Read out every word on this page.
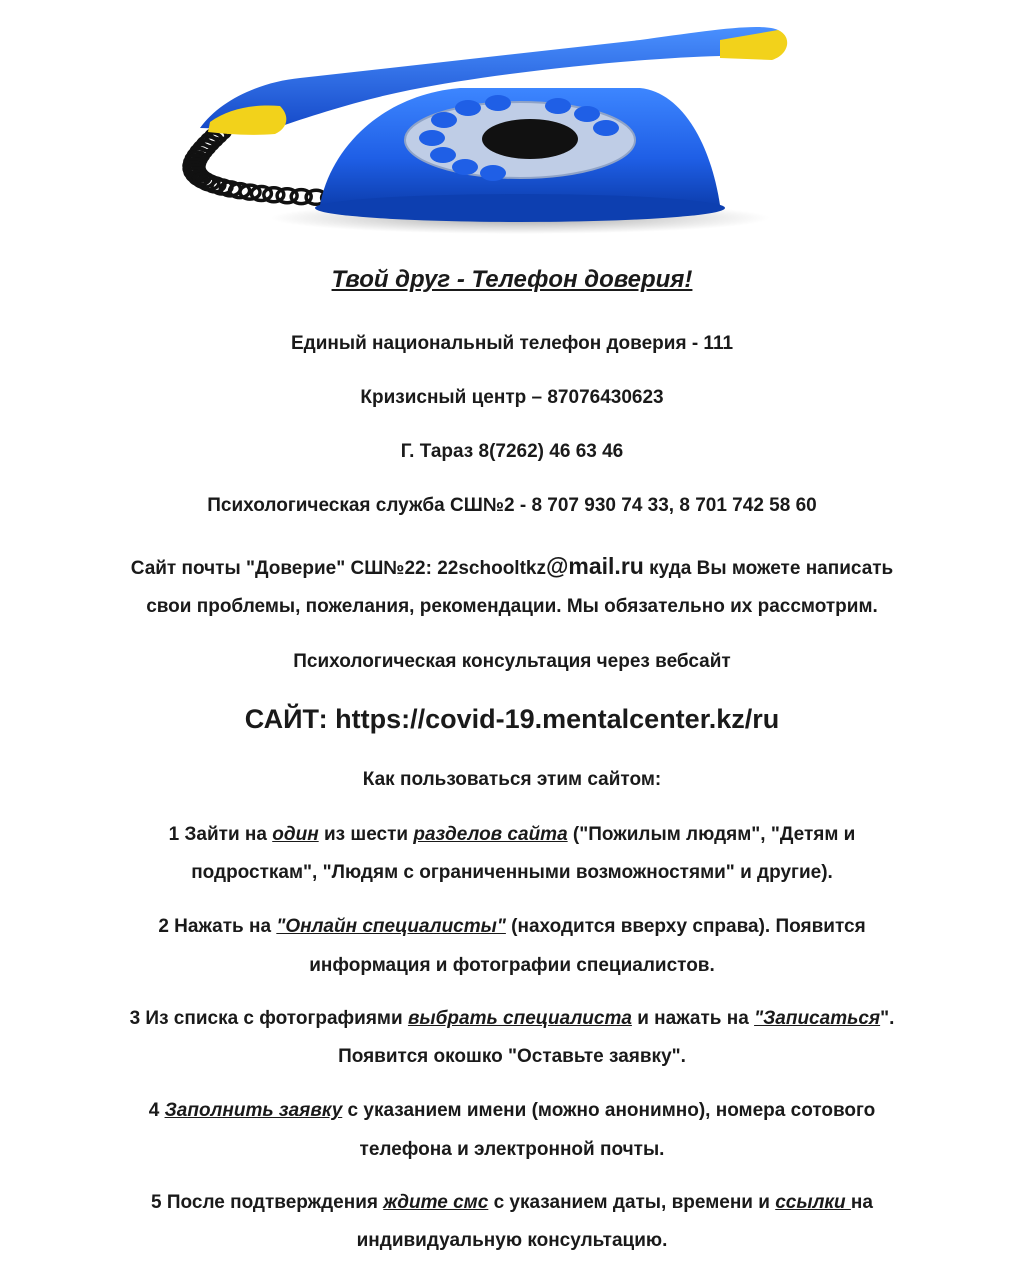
Твой друг - Телефон доверия!
Единый национальный телефон доверия - 111
Кризисный центр – 87076430623
Г. Тараз 8(7262) 46 63 46
Психологическая служба СШ№2 - 8 707 930 74 33, 8 701 742 58 60
Сайт почты "Доверие" СШ№22: 22schooltkz@mail.ru куда Вы можете написать
свои проблемы, пожелания, рекомендации. Мы обязательно их рассмотрим.
Психологическая консультация через вебсайт
САЙТ: https://covid-19.mentalcenter.kz/ru
Как пользоваться этим сайтом:
1 Зайти на один из шести разделов сайта ("Пожилым людям", "Детям и
подросткам", "Людям с ограниченными возможностями" и другие).
2 Нажать на "Онлайн специалисты" (находится вверху справа). Появится
информация и фотографии специалистов.
3 Из списка с фотографиями выбрать специалиста и нажать на "Записаться".
Появится окошко "Оставьте заявку".
4 Заполнить заявку с указанием имени (можно анонимно), номера сотового
телефона и электронной почты.
5 После подтверждения ждите смс с указанием даты, времени и ссылки на
индивидуальную консультацию.
